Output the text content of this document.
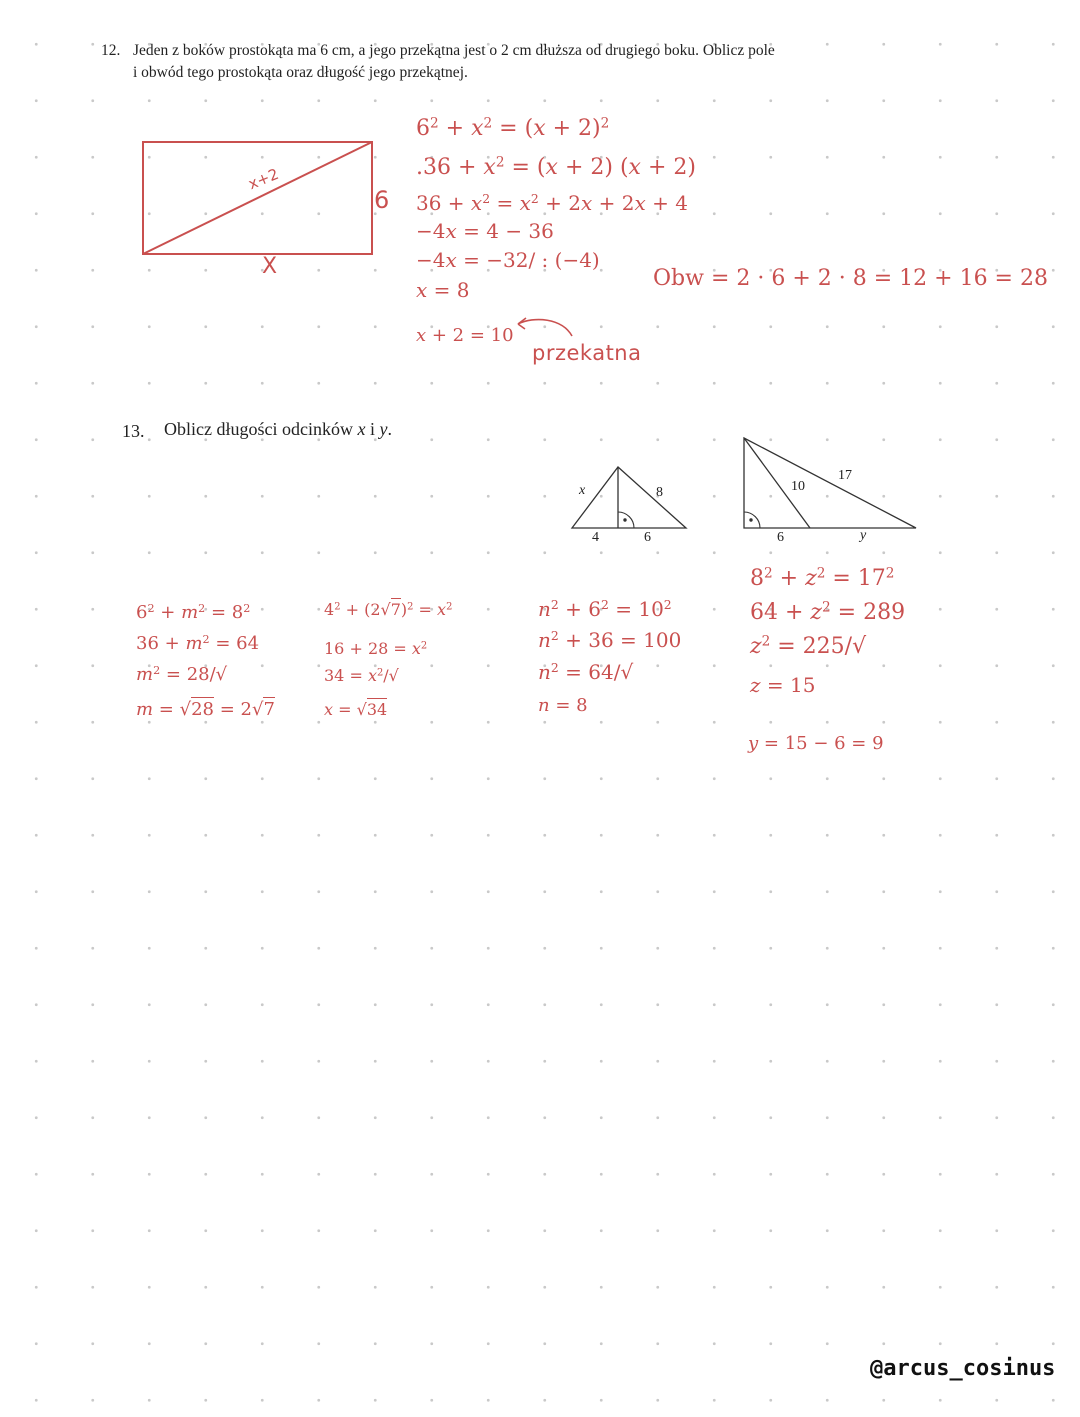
12. Jeden z boków prostokąta ma 6 cm, a jego przekątna jest o 2 cm dłuższa od drugiego boku. Oblicz pole
i obwód tego prostokąta oraz długość jego przekątnej.
x+2
X
6
$6^2 + x^2 = (x + 2)^2$
$.36 + x^2 = (x + 2) (x + 2)$
$36 + x^2 = x^2 + 2x + 2x + 4$
−4x = 4 − 36
−4x = −32/ : (−4)
x = 8	Obw = 2 · 6 + 2 · 8 = 12 + 16 = 28
x + 2 = 10
przekatna
13. Oblicz długości odcinków x i y.
x	8
4	6
10
17
6	y
$6^2 + m^2 = 8^2$
$36 + m^2 = 64$
$m^2 = 28/√$
m = √28 = 2√7
$4^2 + (2√7)^2 = x^2$
$16 + 28 = x^2$
$34 = x^2/√$
x = √34
$n^2 + 6^2 = 10^2$
$n^2 + 36 = 100$
$n^2 = 64/√$
n = 8
$8^2 + z^2 = 17^2$
$64 + z^2 = 289$
$z^2 = 225/√$
z = 15
y = 15 − 6 = 9
@arcus_cosinus
